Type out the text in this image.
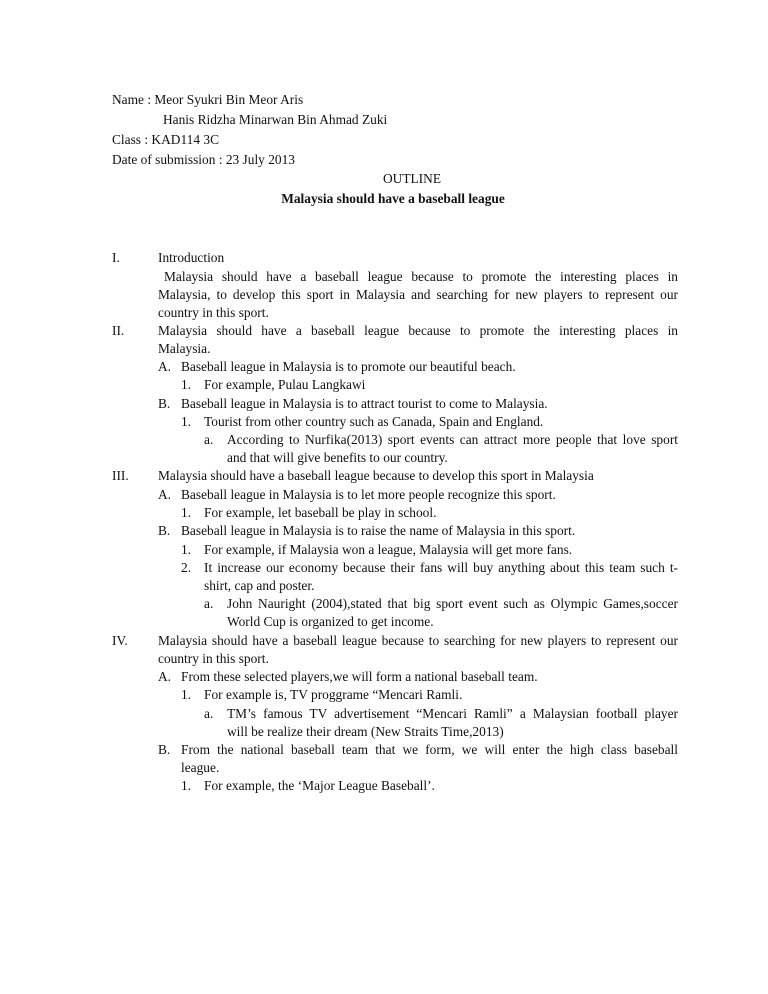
Name : Meor Syukri Bin Meor Aris
Hanis Ridzha Minarwan Bin Ahmad Zuki
Class : KAD114 3C
Date of submission : 23 July 2013
OUTLINE
Malaysia should have a baseball league
I.	Introduction
Malaysia should have a baseball league because to promote the interesting places in
Malaysia, to develop this sport in Malaysia and searching for new players to represent our
country in this sport.
II.	Malaysia should have a baseball league because to promote the interesting places in
Malaysia.
A. Baseball league in Malaysia is to promote our beautiful beach.
1. For example, Pulau Langkawi
B. Baseball league in Malaysia is to attract tourist to come to Malaysia.
1. Tourist from other country such as Canada, Spain and England.
a. According to Nurfika(2013) sport events can attract more people that love sport
and that will give benefits to our country.
III. Malaysia should have a baseball league because to develop this sport in Malaysia
A. Baseball league in Malaysia is to let more people recognize this sport.
1. For example, let baseball be play in school.
B. Baseball league in Malaysia is to raise the name of Malaysia in this sport.
1. For example, if Malaysia won a league, Malaysia will get more fans.
2. It increase our economy because their fans will buy anything about this team such t-
shirt, cap and poster.
a. John Nauright (2004),stated that big sport event such as Olympic Games,soccer
World Cup is organized to get income.
IV. Malaysia should have a baseball league because to searching for new players to represent our
country in this sport.
A. From these selected players,we will form a national baseball team.
1. For example is, TV proggrame “Mencari Ramli.
a. TM’s famous TV advertisement “Mencari Ramli” a Malaysian football player
will be realize their dream (New Straits Time,2013)
B. From the national baseball team that we form, we will enter the high class baseball
league.
1. For example, the ‘Major League Baseball’.
